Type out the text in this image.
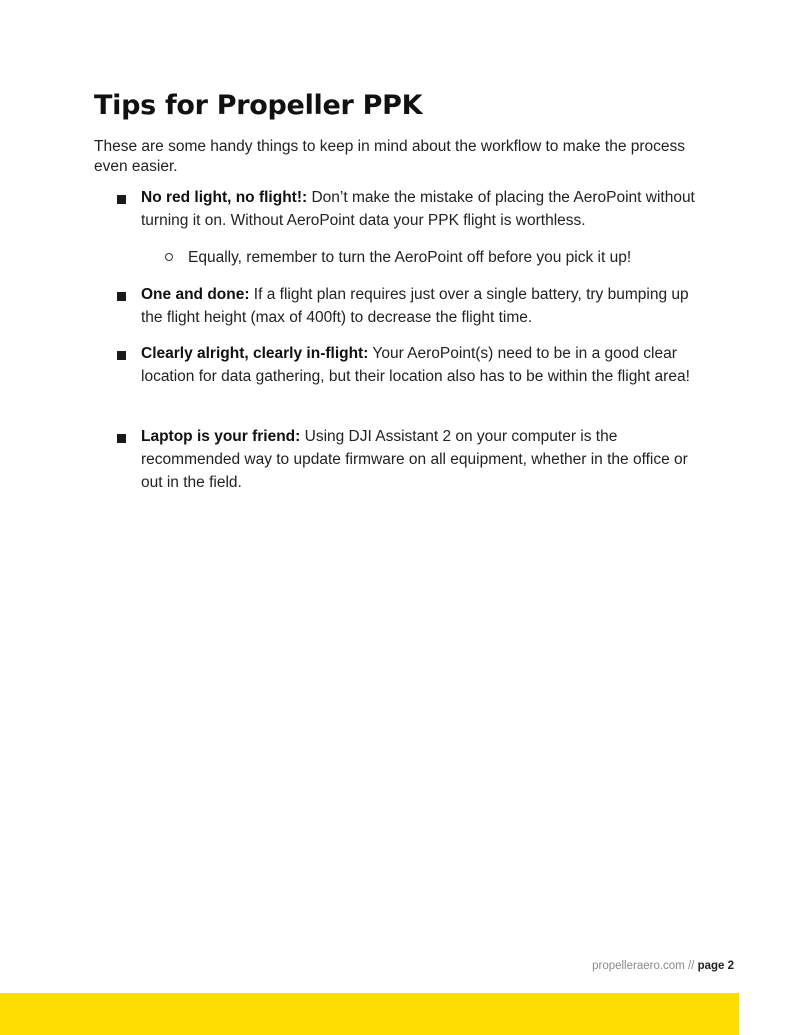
Tips for Propeller PPK

These are some handy things to keep in mind about the workflow to make the process even easier.

No red light, no flight!: Don’t make the mistake of placing the AeroPoint without turning it on. Without AeroPoint data your PPK flight is worthless.
Equally, remember to turn the AeroPoint off before you pick it up!
One and done: If a flight plan requires just over a single battery, try bumping up the flight height (max of 400ft) to decrease the flight time.
Clearly alright, clearly in-flight: Your AeroPoint(s) need to be in a good clear location for data gathering, but their location also has to be within the flight area!
Laptop is your friend: Using DJI Assistant 2 on your computer is the recommended way to update firmware on all equipment, whether in the office or out in the field.
propelleraero.com // page 2
